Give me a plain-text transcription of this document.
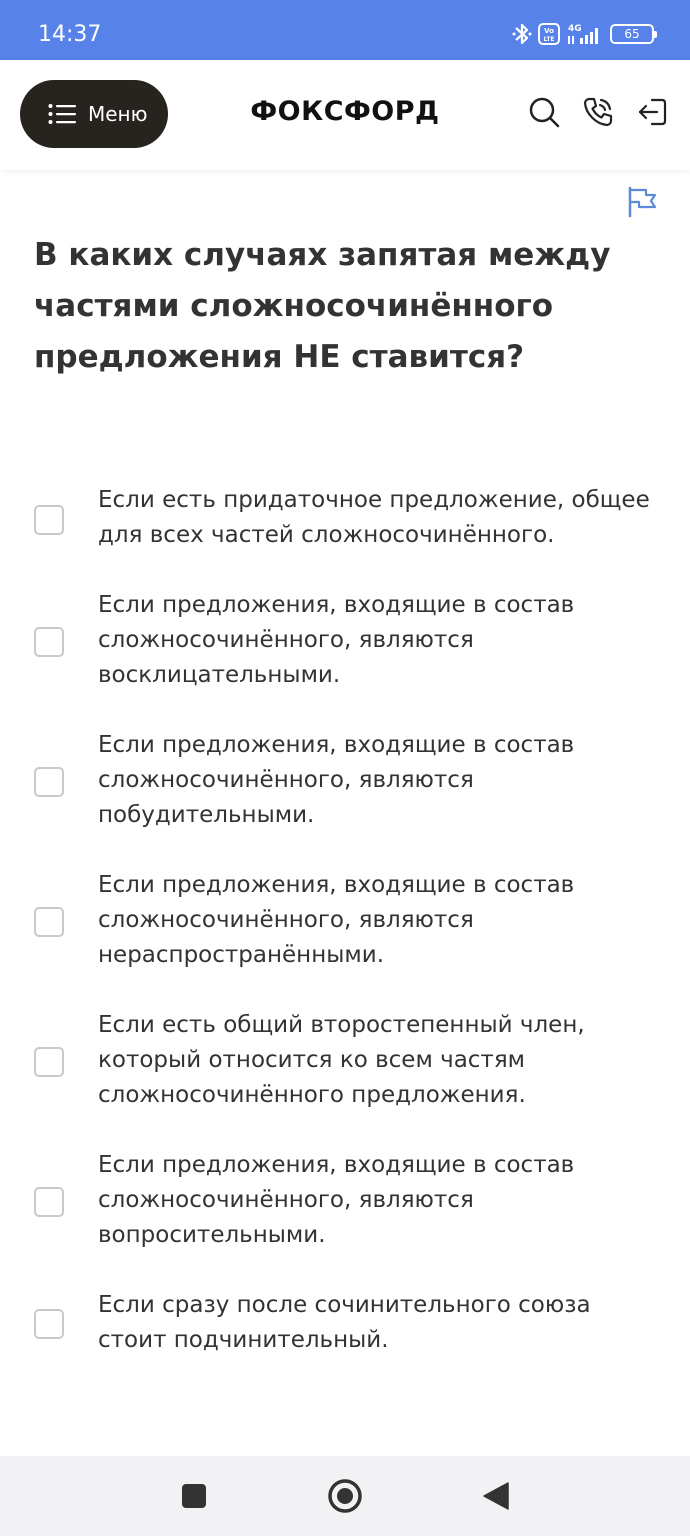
14:37	Vo
LTE
4G	65
Меню	ФОКСФОРД
В каких случаях запятая между частями сложносочинённого предложения НЕ ставится?
Если есть придаточное предложение, общее для всех частей сложносочинённого.
Если предложения, входящие в состав сложносочинённого, являются восклицательными.
Если предложения, входящие в состав сложносочинённого, являются побудительными.
Если предложения, входящие в состав сложносочинённого, являются нераспространёнными.
Если есть общий второстепенный член, который относится ко всем частям сложносочинённого предложения.
Если предложения, входящие в состав сложносочинённого, являются вопросительными.
Если сразу после сочинительного союза стоит подчинительный.
